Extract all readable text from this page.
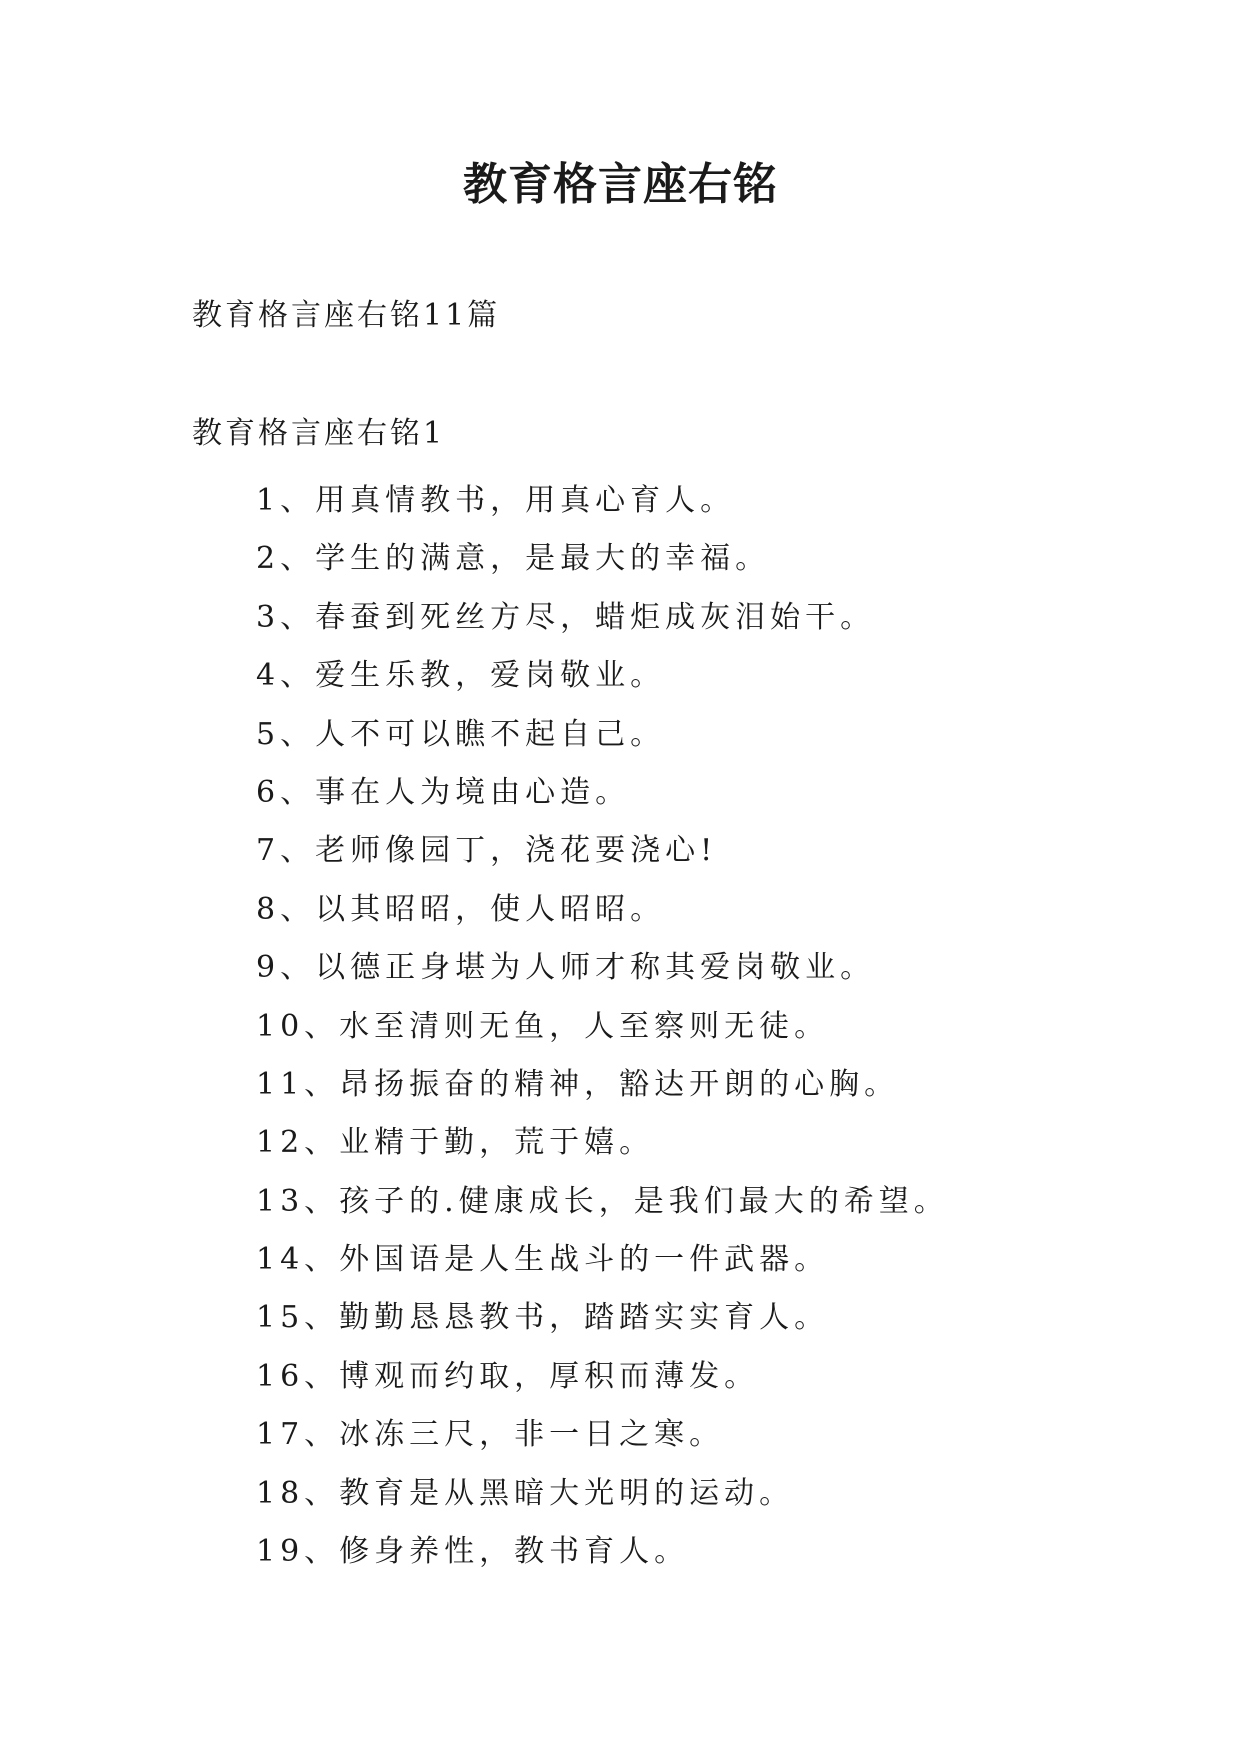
教育格言座右铭
教育格言座右铭11篇
教育格言座右铭1
1、用真情教书，用真心育人。
2、学生的满意，是最大的幸福。
3、春蚕到死丝方尽，蜡炬成灰泪始干。
4、爱生乐教，爱岗敬业。
5、人不可以瞧不起自己。
6、事在人为境由心造。
7、老师像园丁，浇花要浇心!
8、以其昭昭，使人昭昭。
9、以德正身堪为人师才称其爱岗敬业。
10、水至清则无鱼，人至察则无徒。
11、昂扬振奋的精神，豁达开朗的心胸。
12、业精于勤，荒于嬉。
13、孩子的.健康成长，是我们最大的希望。
14、外国语是人生战斗的一件武器。
15、勤勤恳恳教书，踏踏实实育人。
16、博观而约取，厚积而薄发。
17、冰冻三尺，非一日之寒。
18、教育是从黑暗大光明的运动。
19、修身养性，教书育人。
